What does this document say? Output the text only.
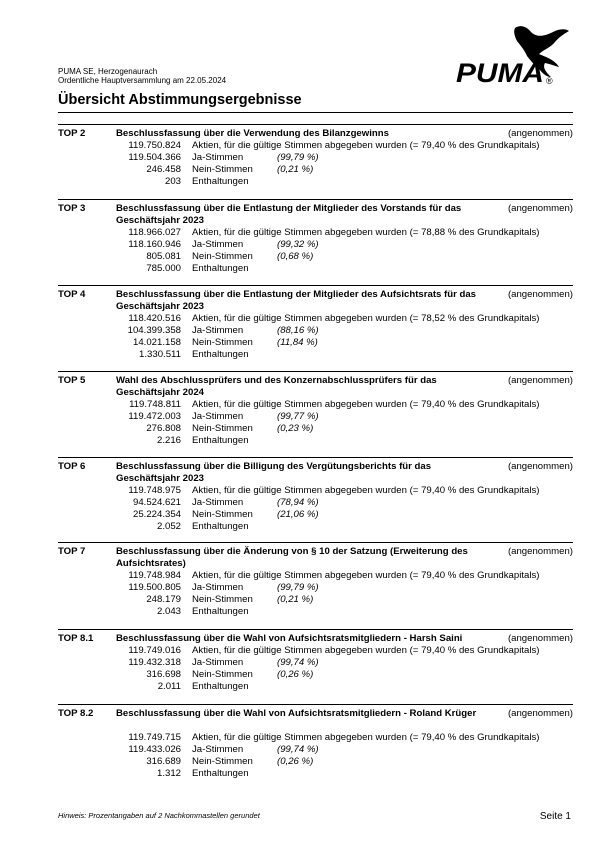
PUMA SE, Herzogenaurach
Ordentliche Hauptversammlung am 22.05.2024	PUMA ®
Übersicht Abstimmungsergebnisse
TOP 2	Beschlussfassung über die Verwendung des Bilanzgewinns	(angenommen)
119.750.824 Aktien, für die gültige Stimmen abgegeben wurden (= 79,40 % des Grundkapitals)
119.504.366 Ja-Stimmen	(99,79 %)
246.458 Nein-Stimmen	(0,21 %)
203 Enthaltungen
TOP 3	Beschlussfassung über die Entlastung der Mitglieder des Vorstands für das Geschäftsjahr 2023
(angenommen)
118.966.027 Aktien, für die gültige Stimmen abgegeben wurden (= 78,88 % des Grundkapitals)
118.160.946 Ja-Stimmen	(99,32 %)
805.081 Nein-Stimmen	(0,68 %)
785.000 Enthaltungen
TOP 4	Beschlussfassung über die Entlastung der Mitglieder des Aufsichtsrats für das Geschäftsjahr 2023
(angenommen)
118.420.516 Aktien, für die gültige Stimmen abgegeben wurden (= 78,52 % des Grundkapitals)
104.399.358 Ja-Stimmen	(88,16 %)
14.021.158 Nein-Stimmen	(11,84 %)
1.330.511 Enthaltungen
TOP 5	Wahl des Abschlussprüfers und des Konzernabschlussprüfers für das Geschäftsjahr 2024
(angenommen)
119.748.811 Aktien, für die gültige Stimmen abgegeben wurden (= 79,40 % des Grundkapitals)
119.472.003 Ja-Stimmen	(99,77 %)
276.808 Nein-Stimmen	(0,23 %)
2.216 Enthaltungen
TOP 6	Beschlussfassung über die Billigung des Vergütungsberichts für das Geschäftsjahr 2023
(angenommen)
119.748.975 Aktien, für die gültige Stimmen abgegeben wurden (= 79,40 % des Grundkapitals)
94.524.621 Ja-Stimmen	(78,94 %)
25.224.354 Nein-Stimmen	(21,06 %)
2.052 Enthaltungen
TOP 7	Beschlussfassung über die Änderung von § 10 der Satzung (Erweiterung des Aufsichtsrates)
(angenommen)
119.748.984 Aktien, für die gültige Stimmen abgegeben wurden (= 79,40 % des Grundkapitals)
119.500.805 Ja-Stimmen	(99,79 %)
248.179 Nein-Stimmen	(0,21 %)
2.043 Enthaltungen
TOP 8.1 Beschlussfassung über die Wahl von Aufsichtsratsmitgliedern - Harsh Saini	(angenommen)
119.749.016 Aktien, für die gültige Stimmen abgegeben wurden (= 79,40 % des Grundkapitals)
119.432.318 Ja-Stimmen	(99,74 %)
316.698 Nein-Stimmen	(0,26 %)
2.011 Enthaltungen
TOP 8.2 Beschlussfassung über die Wahl von Aufsichtsratsmitgliedern - Roland Krüger	(angenommen)
119.749.715 Aktien, für die gültige Stimmen abgegeben wurden (= 79,40 % des Grundkapitals)
119.433.026 Ja-Stimmen	(99,74 %)
316.689 Nein-Stimmen	(0,26 %)
1.312 Enthaltungen
Hinweis: Prozentangaben auf 2 Nachkommastellen gerundet	Seite 1
